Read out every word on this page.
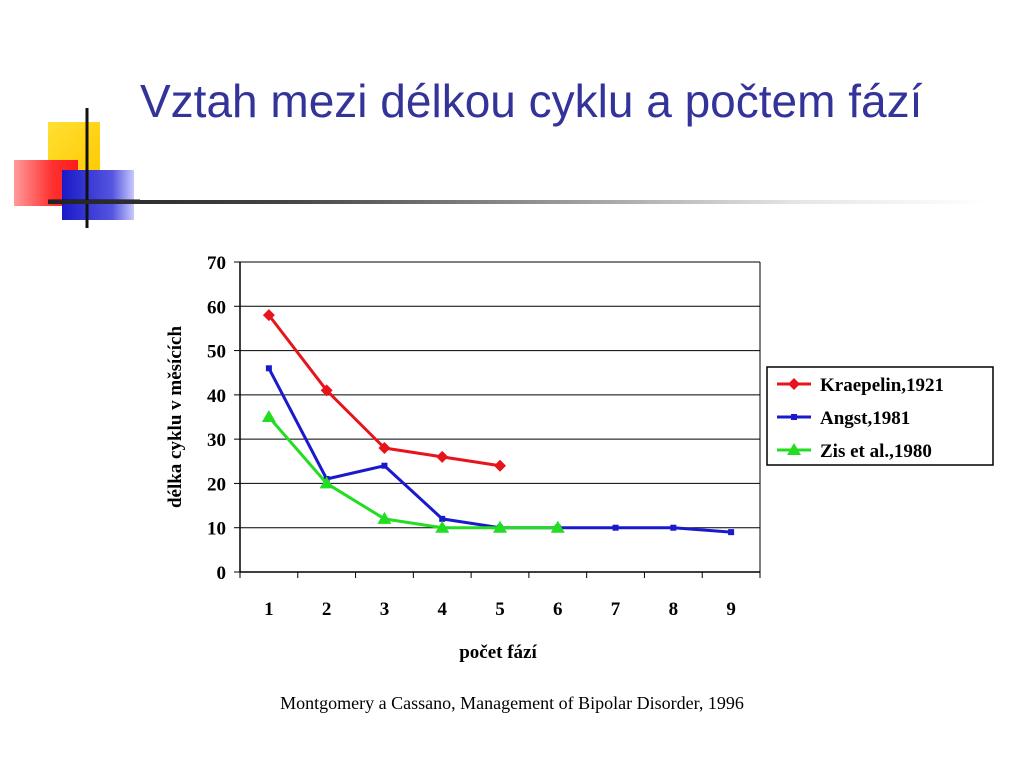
Vztah mezi délkou cyklu a počtem fází
0
10
20
30
40
50
60
70
1	2	3	4	5	6	7	8	9
délka cyklu v měsících
počet fází
Kraepelin,1921
Angst,1981
Zis et al.,1980
Montgomery a Cassano, Management of Bipolar Disorder, 1996
